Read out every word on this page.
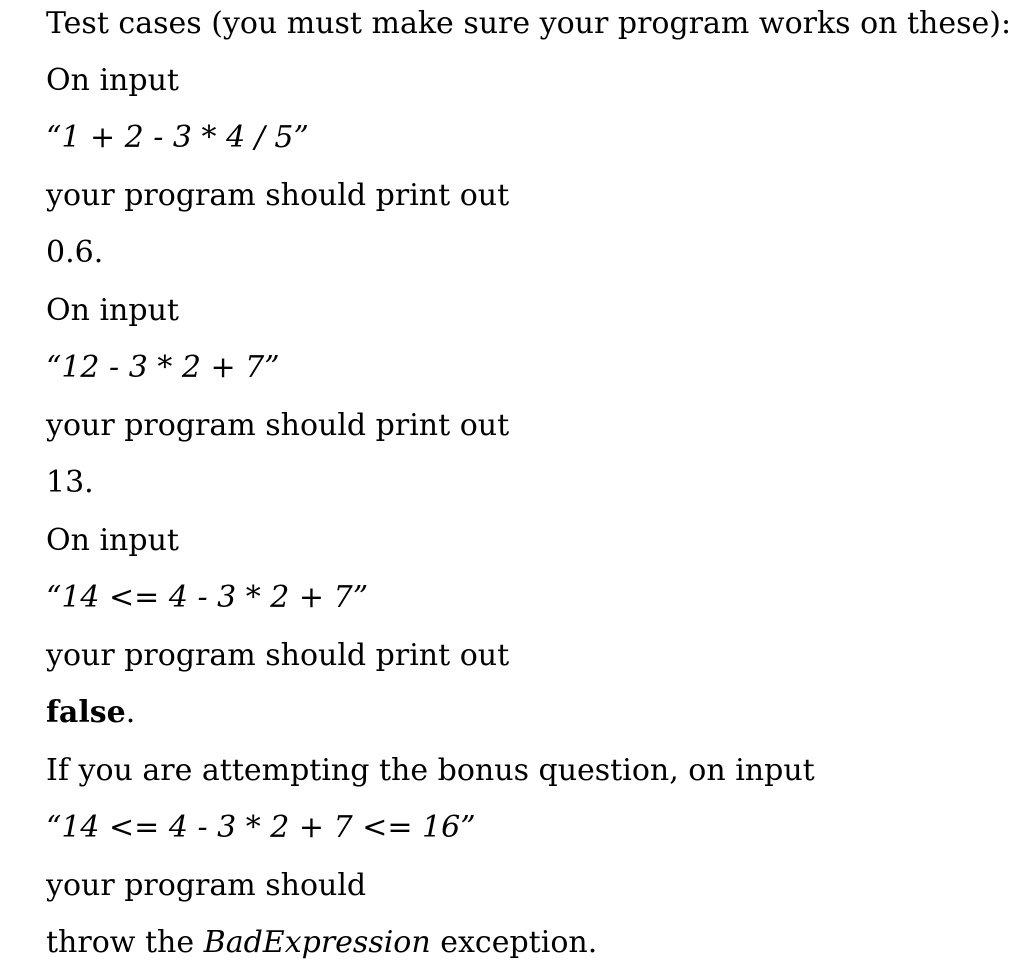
Test cases (you must make sure your program works on these):
On input
“1 + 2 - 3 * 4 / 5”
your program should print out
0.6.
On input
“12 - 3 * 2 + 7”
your program should print out
13.
On input
“14 <= 4 - 3 * 2 + 7”
your program should print out
false.
If you are attempting the bonus question, on input
“14 <= 4 - 3 * 2 + 7 <= 16”
your program should
throw the BadExpression exception.
